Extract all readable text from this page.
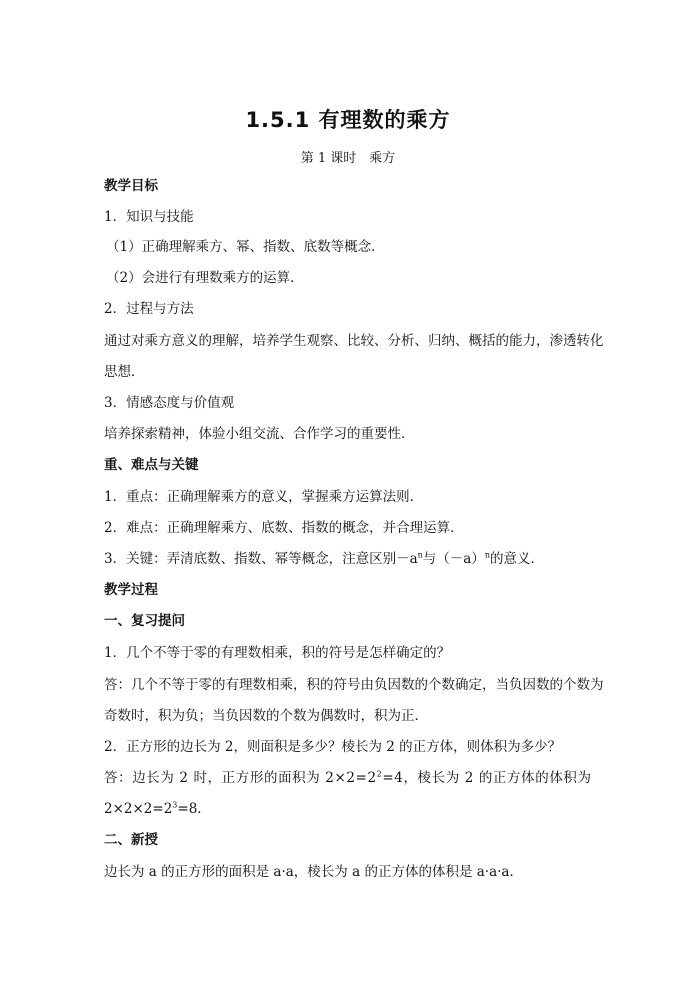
1.5.1 有理数的乘方
第 1 课时　乘方
教学目标
1．知识与技能
（1）正确理解乘方、幂、指数、底数等概念．
（2）会进行有理数乘方的运算．
2．过程与方法
通过对乘方意义的理解，培养学生观察、比较、分析、归纳、概括的能力，渗透转化
思想．
3．情感态度与价值观
培养探索精神，体验小组交流、合作学习的重要性．
重、难点与关键
1．重点：正确理解乘方的意义，掌握乘方运算法则．
2．难点：正确理解乘方、底数、指数的概念，并合理运算．
3．关键：弄清底数、指数、幂等概念，注意区别$-a^n$与$(-a)^n$的意义．
教学过程
一、复习提问
1．几个不等于零的有理数相乘，积的符号是怎样确定的？
答：几个不等于零的有理数相乘，积的符号由负因数的个数确定，当负因数的个数为
奇数时，积为负；当负因数的个数为偶数时，积为正．
2．正方形的边长为 2，则面积是多少？棱长为 2 的正方体，则体积为多少？
答：边长为 2 时，正方形的面积为 $2\times 2=2^2=4$，棱长为 2 的正方体的体积为
$2\times 2\times 2=2^3=8$．
二、新授
边长为 a 的正方形的面积是 a·a，棱长为 a 的正方体的体积是 a·a·a．
